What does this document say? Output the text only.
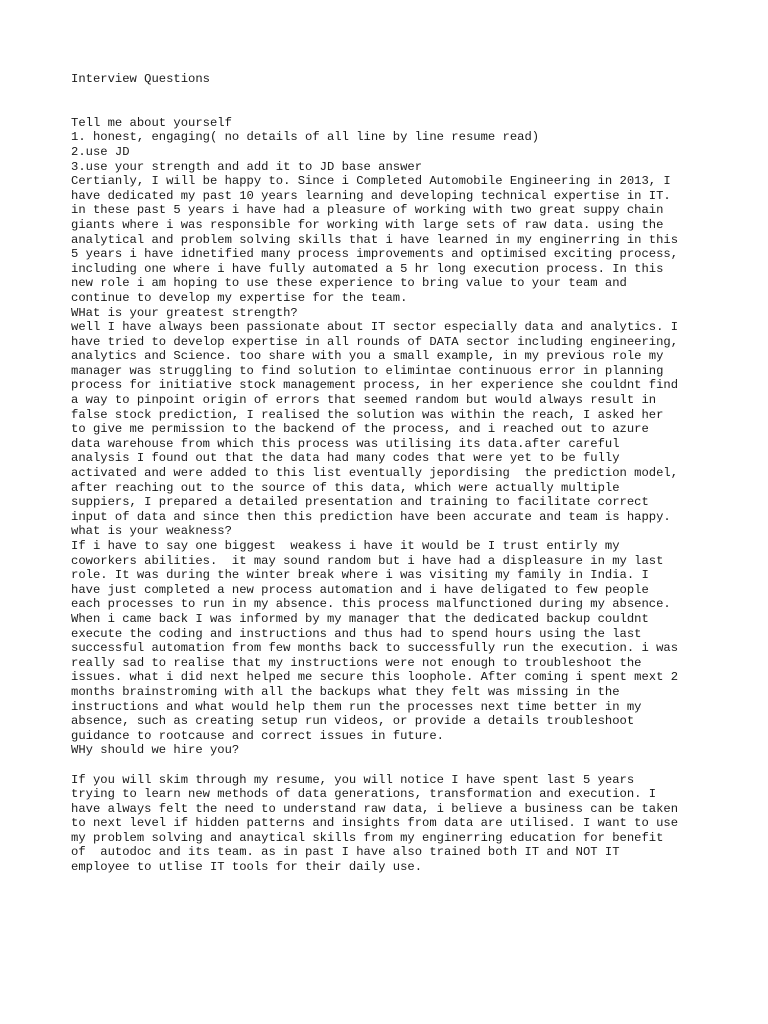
Interview Questions
Tell me about yourself
1. honest, engaging( no details of all line by line resume read)
2.use JD
3.use your strength and add it to JD base answer
Certianly, I will be happy to. Since i Completed Automobile Engineering in 2013, I
have dedicated my past 10 years learning and developing technical expertise in IT.
in these past 5 years i have had a pleasure of working with two great suppy chain
giants where i was responsible for working with large sets of raw data. using the
analytical and problem solving skills that i have learned in my enginerring in this
5 years i have idnetified many process improvements and optimised exciting process,
including one where i have fully automated a 5 hr long execution process. In this
new role i am hoping to use these experience to bring value to your team and
continue to develop my expertise for the team.
WHat is your greatest strength?
well I have always been passionate about IT sector especially data and analytics. I
have tried to develop expertise in all rounds of DATA sector including engineering,
analytics and Science. too share with you a small example, in my previous role my
manager was struggling to find solution to elimintae continuous error in planning
process for initiative stock management process, in her experience she couldnt find
a way to pinpoint origin of errors that seemed random but would always result in
false stock prediction, I realised the solution was within the reach, I asked her
to give me permission to the backend of the process, and i reached out to azure
data warehouse from which this process was utilising its data.after careful
analysis I found out that the data had many codes that were yet to be fully
activated and were added to this list eventually jepordising  the prediction model,
after reaching out to the source of this data, which were actually multiple
suppiers, I prepared a detailed presentation and training to facilitate correct
input of data and since then this prediction have been accurate and team is happy.
what is your weakness?
If i have to say one biggest  weakess i have it would be I trust entirly my
coworkers abilities.  it may sound random but i have had a displeasure in my last
role. It was during the winter break where i was visiting my family in India. I
have just completed a new process automation and i have deligated to few people
each processes to run in my absence. this process malfunctioned during my absence.
When i came back I was informed by my manager that the dedicated backup couldnt
execute the coding and instructions and thus had to spend hours using the last
successful automation from few months back to successfully run the execution. i was
really sad to realise that my instructions were not enough to troubleshoot the
issues. what i did next helped me secure this loophole. After coming i spent mext 2
months brainstroming with all the backups what they felt was missing in the
instructions and what would help them run the processes next time better in my
absence, such as creating setup run videos, or provide a details troubleshoot
guidance to rootcause and correct issues in future.
WHy should we hire you?
If you will skim through my resume, you will notice I have spent last 5 years
trying to learn new methods of data generations, transformation and execution. I
have always felt the need to understand raw data, i believe a business can be taken
to next level if hidden patterns and insights from data are utilised. I want to use
my problem solving and anaytical skills from my enginerring education for benefit
of  autodoc and its team. as in past I have also trained both IT and NOT IT
employee to utlise IT tools for their daily use.
